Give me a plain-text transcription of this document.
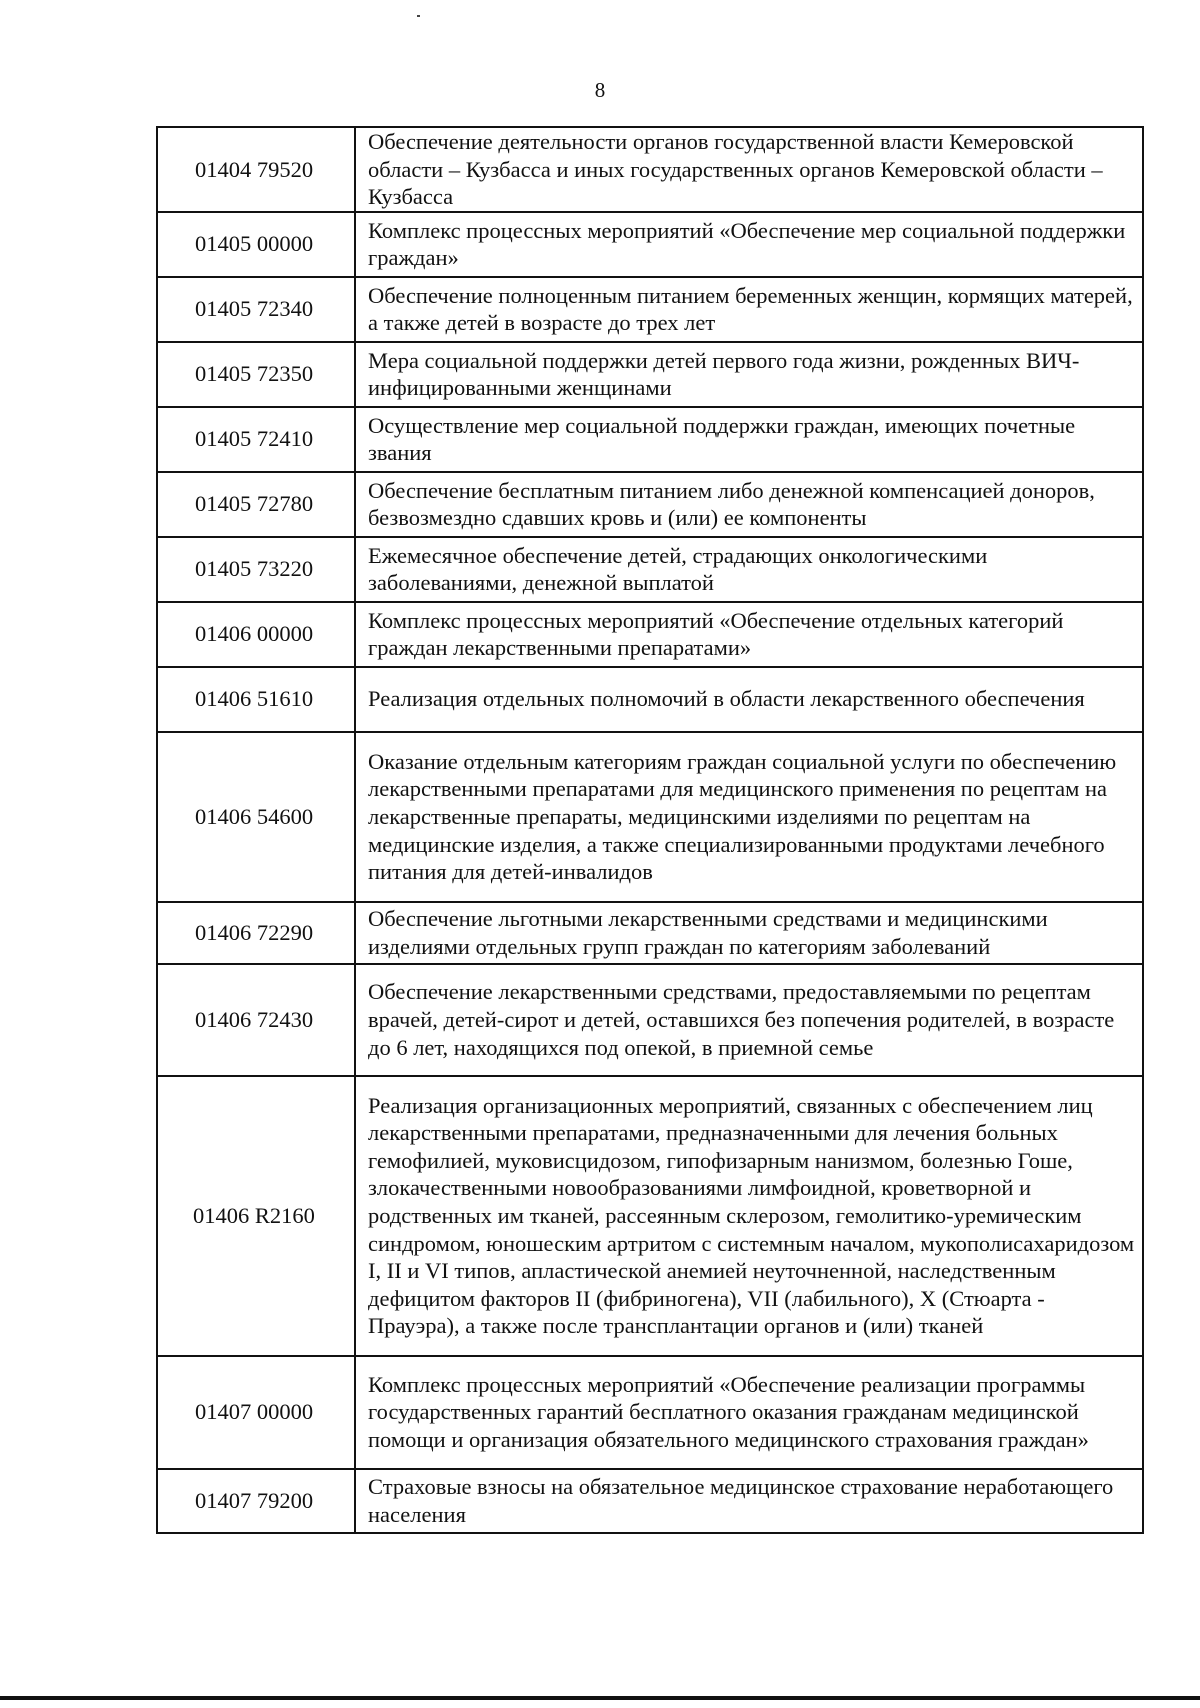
8
01404 79520	Обеспечение деятельности органов государственной власти Кемеровской области – Кузбасса и иных государственных органов Кемеровской области – Кузбасса
01405 00000	Комплекс процессных мероприятий «Обеспечение мер социальной поддержки граждан»
01405 72340	Обеспечение полноценным питанием беременных женщин, кормящих матерей, а также детей в возрасте до трех лет
01405 72350	Мера социальной поддержки детей первого года жизни, рожденных ВИЧ-инфицированными женщинами
01405 72410	Осуществление мер социальной поддержки граждан, имеющих почетные звания
01405 72780	Обеспечение бесплатным питанием либо денежной компенсацией доноров, безвозмездно сдавших кровь и (или) ее компоненты
01405 73220	Ежемесячное обеспечение детей, страдающих онкологическими заболеваниями, денежной выплатой
01406 00000	Комплекс процессных мероприятий «Обеспечение отдельных категорий граждан лекарственными препаратами»
01406 51610	Реализация отдельных полномочий в области лекарственного обеспечения
01406 54600	Оказание отдельным категориям граждан социальной услуги по обеспечению лекарственными препаратами для медицинского применения по рецептам на лекарственные препараты, медицинскими изделиями по рецептам на медицинские изделия, а также специализированными продуктами лечебного питания для детей-инвалидов
01406 72290	Обеспечение льготными лекарственными средствами и медицинскими изделиями отдельных групп граждан по категориям заболеваний
01406 72430	Обеспечение лекарственными средствами, предоставляемыми по рецептам врачей, детей-сирот и детей, оставшихся без попечения родителей, в возрасте до 6 лет, находящихся под опекой, в приемной семье
01406 R2160	Реализация организационных мероприятий, связанных с обеспечением лиц лекарственными препаратами, предназначенными для лечения больных гемофилией, муковисцидозом, гипофизарным нанизмом, болезнью Гоше, злокачественными новообразованиями лимфоидной, кроветворной и родственных им тканей, рассеянным склерозом, гемолитико-уремическим синдромом, юношеским артритом с системным началом, мукополисахаридозом I, II и VI типов, апластической анемией неуточненной, наследственным дефицитом факторов II (фибриногена), VII (лабильного), X (Стюарта - Прауэра), а также после трансплантации органов и (или) тканей
01407 00000	Комплекс процессных мероприятий «Обеспечение реализации программы государственных гарантий бесплатного оказания гражданам медицинской помощи и организация обязательного медицинского страхования граждан»
01407 79200	Страховые взносы на обязательное медицинское страхование неработающего населения
